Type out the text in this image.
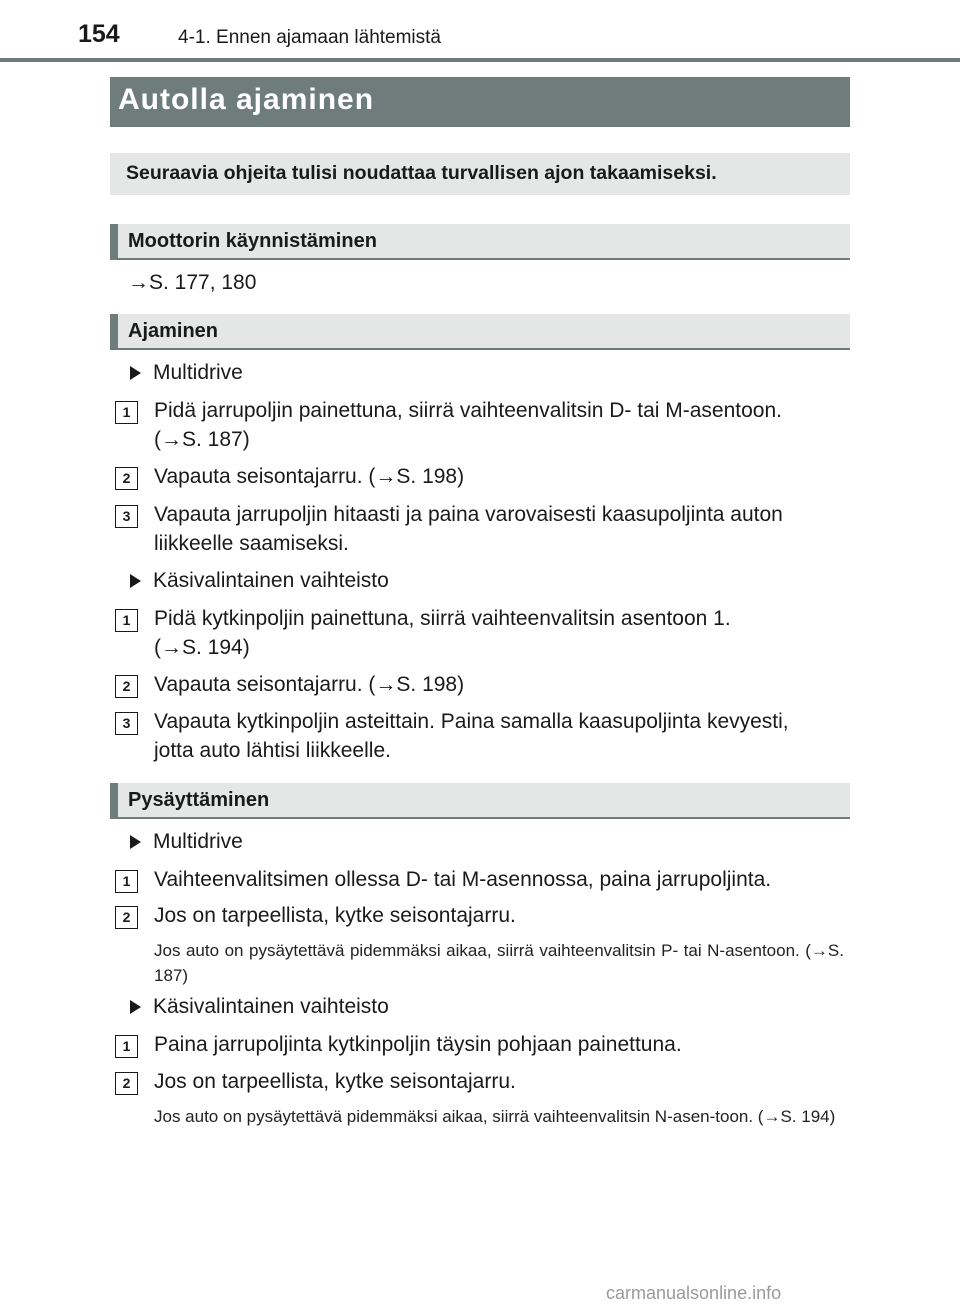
154	4-1. Ennen ajamaan lähtemistä
Autolla ajaminen
Seuraavia ohjeita tulisi noudattaa turvallisen ajon takaamiseksi.
Moottorin käynnistäminen
→S. 177, 180
Ajaminen
Multidrive
1	Pidä jarrupoljin painettuna, siirrä vaihteenvalitsin D- tai M-asentoon.
(→S. 187)
2	Vapauta seisontajarru. (→S. 198)
3	Vapauta jarrupoljin hitaasti ja paina varovaisesti kaasupoljinta auton
liikkeelle saamiseksi.
Käsivalintainen vaihteisto
1	Pidä kytkinpoljin painettuna, siirrä vaihteenvalitsin asentoon 1.
(→S. 194)
2	Vapauta seisontajarru. (→S. 198)
3	Vapauta kytkinpoljin asteittain. Paina samalla kaasupoljinta kevyesti,
jotta auto lähtisi liikkeelle.
Pysäyttäminen
Multidrive
1	Vaihteenvalitsimen ollessa D- tai M-asennossa, paina jarrupoljinta.
2	Jos on tarpeellista, kytke seisontajarru.
Jos auto on pysäytettävä pidemmäksi aikaa, siirrä vaihteenvalitsin P- tai N-asentoon. (→S. 187)
Käsivalintainen vaihteisto
1	Paina jarrupoljinta kytkinpoljin täysin pohjaan painettuna.
2	Jos on tarpeellista, kytke seisontajarru.
Jos auto on pysäytettävä pidemmäksi aikaa, siirrä vaihteenvalitsin N-asen-toon. (→S. 194)
carmanualsonline.info
